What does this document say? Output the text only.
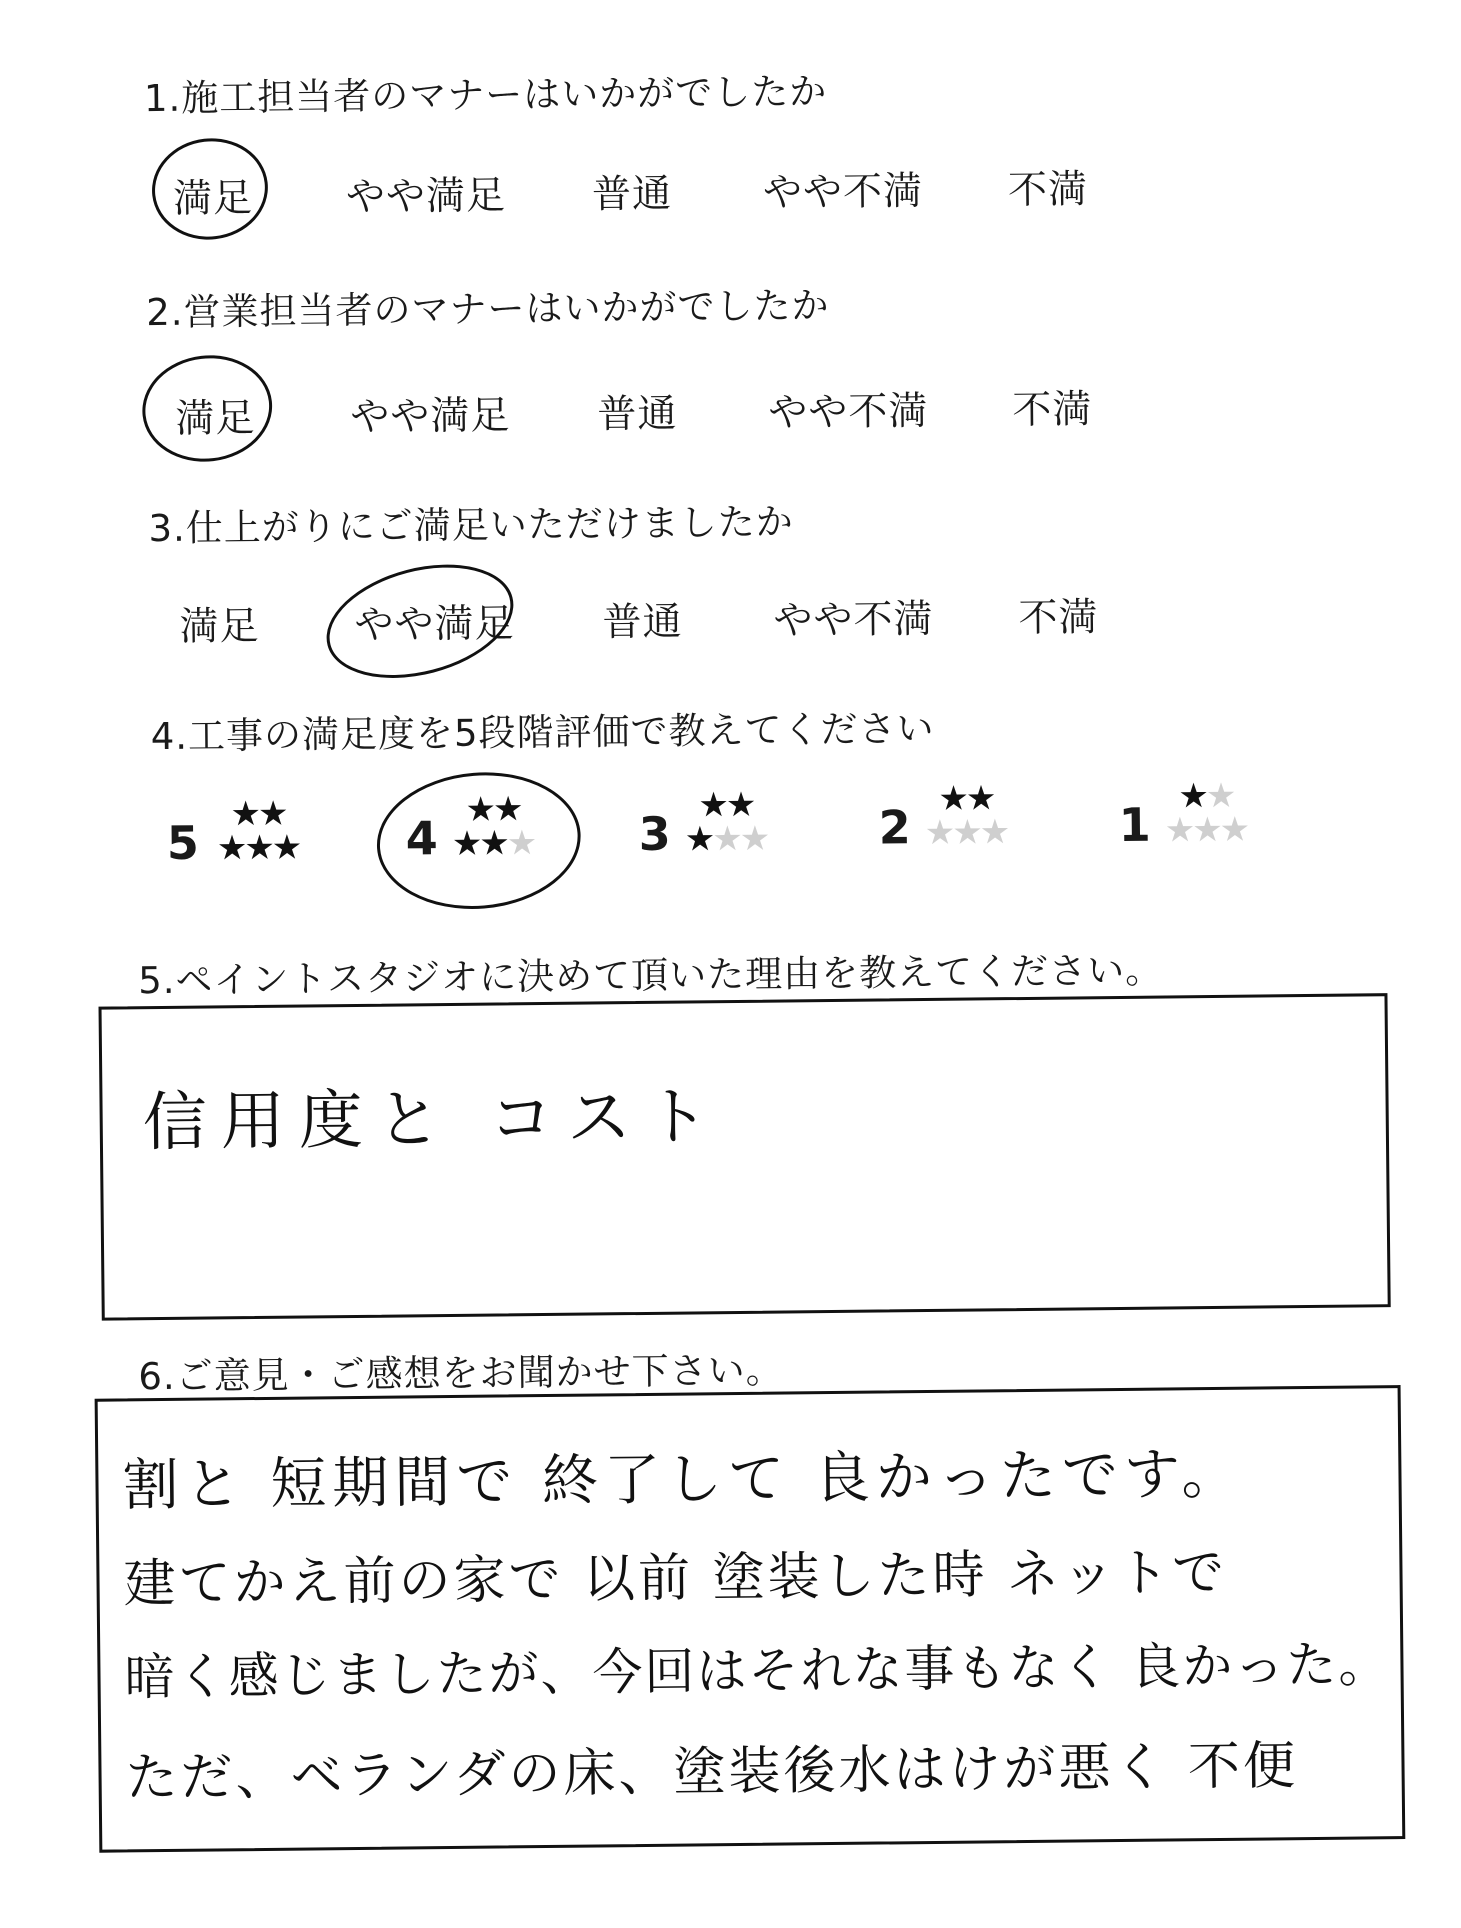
1.施工担当者のマナーはいかがでしたか
満足 やや満足 普通 やや不満 不満
2.営業担当者のマナーはいかがでしたか
満足 やや満足 普通 やや不満 不満
3.仕上がりにご満足いただけましたか
満足 やや満足 普通 やや不満 不満
4.工事の満足度を5段階評価で教えてください
5
★★
★★★ 4
★★
★★★ 3
★★
★★★ 2
★★
★★★ 1
★★
★★★
5.ペイントスタジオに決めて頂いた理由を教えてください。
信用度と コスト
6.ご意見・ご感想をお聞かせ下さい。
割と 短期間で 終了して 良かったです。
建てかえ前の家で 以前 塗装した時 ネットで
暗く感じましたが、今回はそれな事もなく 良かった。
ただ、ベランダの床、塗装後水はけが悪く 不便
